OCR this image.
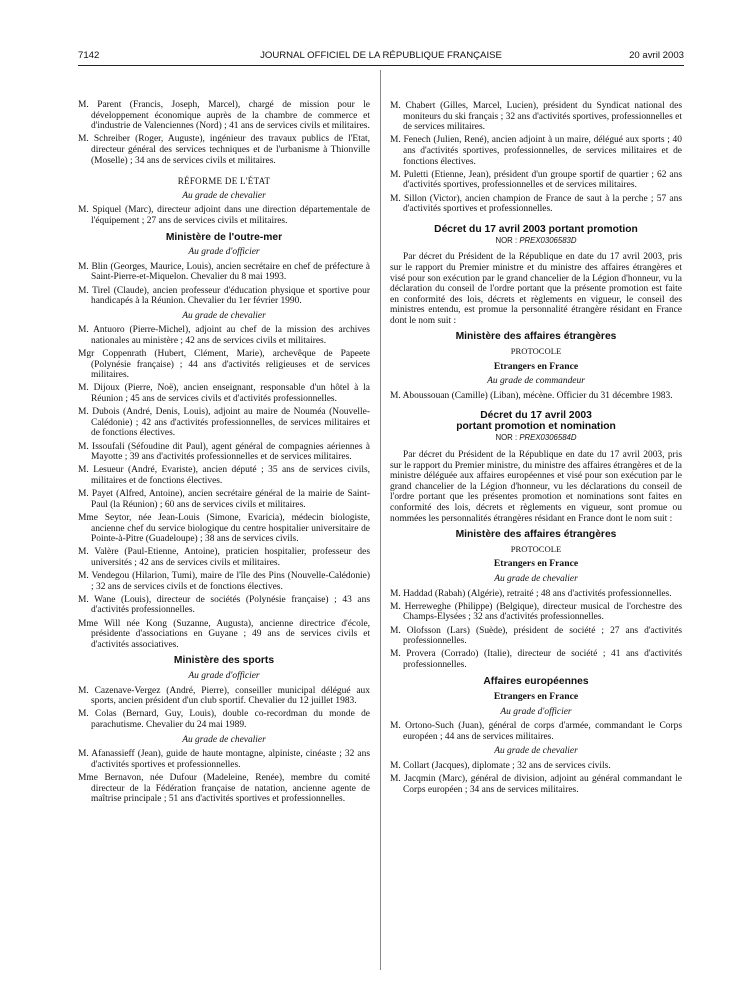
7142	JOURNAL OFFICIEL DE LA RÉPUBLIQUE FRANÇAISE	20 avril 2003

M. Parent (Francis, Joseph, Marcel), chargé de mission pour le développement économique auprès de la chambre de commerce et d'industrie de Valenciennes (Nord) ; 41 ans de services civils et militaires.

M. Schreiber (Roger, Auguste), ingénieur des travaux publics de l'Etat, directeur général des services techniques et de l'urbanisme à Thionville (Moselle) ; 34 ans de services civils et militaires.

RÉFORME DE L'ÉTAT
Au grade de chevalier

M. Spiquel (Marc), directeur adjoint dans une direction départementale de l'équipement ; 27 ans de services civils et militaires.

Ministère de l'outre-mer
Au grade d'officier

M. Blin (Georges, Maurice, Louis), ancien secrétaire en chef de préfecture à Saint-Pierre-et-Miquelon. Chevalier du 8 mai 1993.

M. Tirel (Claude), ancien professeur d'éducation physique et sportive pour handicapés à la Réunion. Chevalier du 1er février 1990.

Au grade de chevalier

M. Antuoro (Pierre-Michel), adjoint au chef de la mission des archives nationales au ministère ; 42 ans de services civils et militaires.

Mgr Coppenrath (Hubert, Clément, Marie), archevêque de Papeete (Polynésie française) ; 44 ans d'activités religieuses et de services militaires.

M. Dijoux (Pierre, Noë), ancien enseignant, responsable d'un hôtel à la Réunion ; 45 ans de services civils et d'activités professionnelles.

M. Dubois (André, Denis, Louis), adjoint au maire de Nouméa (Nouvelle-Calédonie) ; 42 ans d'activités professionnelles, de services militaires et de fonctions électives.

M. Issoufali (Séfoudine dit Paul), agent général de compagnies aériennes à Mayotte ; 39 ans d'activités professionnelles et de services militaires.

M. Lesueur (André, Evariste), ancien député ; 35 ans de services civils, militaires et de fonctions électives.

M. Payet (Alfred, Antoine), ancien secrétaire général de la mairie de Saint-Paul (la Réunion) ; 60 ans de services civils et militaires.

Mme Seytor, née Jean-Louis (Simone, Evaricia), médecin biologiste, ancienne chef du service biologique du centre hospitalier universitaire de Pointe-à-Pitre (Guadeloupe) ; 38 ans de services civils.

M. Valère (Paul-Etienne, Antoine), praticien hospitalier, professeur des universités ; 42 ans de services civils et militaires.

M. Vendegou (Hilarion, Tumi), maire de l'île des Pins (Nouvelle-Calédonie) ; 32 ans de services civils et de fonctions électives.

M. Wane (Louis), directeur de sociétés (Polynésie française) ; 43 ans d'activités professionnelles.

Mme Will née Kong (Suzanne, Augusta), ancienne directrice d'école, présidente d'associations en Guyane ; 49 ans de services civils et d'activités associatives.

Ministère des sports
Au grade d'officier

M. Cazenave-Vergez (André, Pierre), conseiller municipal délégué aux sports, ancien président d'un club sportif. Chevalier du 12 juillet 1983.

M. Colas (Bernard, Guy, Louis), double co-recordman du monde de parachutisme. Chevalier du 24 mai 1989.

Au grade de chevalier

M. Afanassieff (Jean), guide de haute montagne, alpiniste, cinéaste ; 32 ans d'activités sportives et professionnelles.

Mme Bernavon, née Dufour (Madeleine, Renée), membre du comité directeur de la Fédération française de natation, ancienne agente de maîtrise principale ; 51 ans d'activités sportives et professionnelles.

M. Chabert (Gilles, Marcel, Lucien), président du Syndicat national des moniteurs du ski français ; 32 ans d'activités sportives, professionnelles et de services militaires.

M. Fenech (Julien, René), ancien adjoint à un maire, délégué aux sports ; 40 ans d'activités sportives, professionnelles, de services militaires et de fonctions électives.

M. Puletti (Etienne, Jean), président d'un groupe sportif de quartier ; 62 ans d'activités sportives, professionnelles et de services militaires.

M. Sillon (Victor), ancien champion de France de saut à la perche ; 57 ans d'activités sportives et professionnelles.

Décret du 17 avril 2003 portant promotion
NOR : PREX0306583D

Par décret du Président de la République en date du 17 avril 2003, pris sur le rapport du Premier ministre et du ministre des affaires étrangères et visé pour son exécution par le grand chancelier de la Légion d'honneur, vu la déclaration du conseil de l'ordre portant que la présente promotion est faite en conformité des lois, décrets et règlements en vigueur, le conseil des ministres entendu, est promue la personnalité étrangère résidant en France dont le nom suit :

Ministère des affaires étrangères
PROTOCOLE
Etrangers en France
Au grade de commandeur

M. Aboussouan (Camille) (Liban), mécène. Officier du 31 décembre 1983.

Décret du 17 avril 2003
portant promotion et nomination
NOR : PREX0306584D

Par décret du Président de la République en date du 17 avril 2003, pris sur le rapport du Premier ministre, du ministre des affaires étrangères et de la ministre déléguée aux affaires européennes et visé pour son exécution par le grand chancelier de la Légion d'honneur, vu les déclarations du conseil de l'ordre portant que les présentes promotion et nominations sont faites en conformité des lois, décrets et règlements en vigueur, sont promue ou nommées les personnalités étrangères résidant en France dont le nom suit :

Ministère des affaires étrangères
PROTOCOLE
Etrangers en France
Au grade de chevalier

M. Haddad (Rabah) (Algérie), retraité ; 48 ans d'activités professionnelles.

M. Herreweghe (Philippe) (Belgique), directeur musical de l'orchestre des Champs-Elysées ; 32 ans d'activités professionnelles.

M. Olofsson (Lars) (Suède), président de société ; 27 ans d'activités professionnelles.

M. Provera (Corrado) (Italie), directeur de société ; 41 ans d'activités professionnelles.

Affaires européennes
Etrangers en France
Au grade d'officier

M. Ortono-Such (Juan), général de corps d'armée, commandant le Corps européen ; 44 ans de services militaires.

Au grade de chevalier

M. Collart (Jacques), diplomate ; 32 ans de services civils.

M. Jacqmin (Marc), général de division, adjoint au général commandant le Corps européen ; 34 ans de services militaires.
